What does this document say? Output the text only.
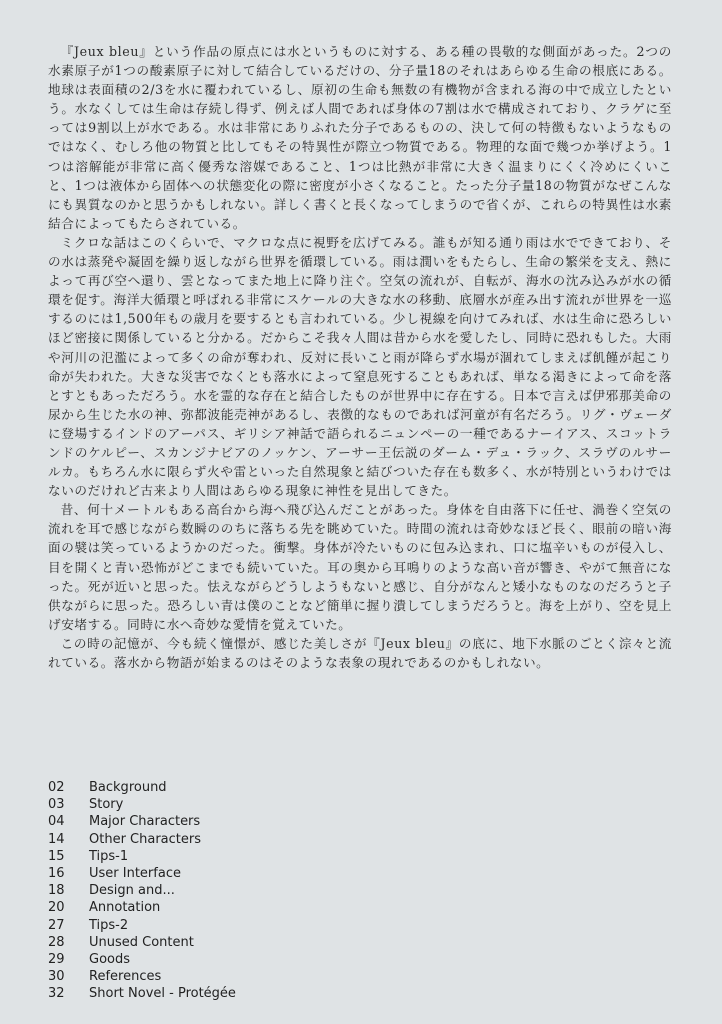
『Jeux bleu』という作品の原点には水というものに対する、ある種の畏敬的な側面があった。2つの水素原子が1つの酸素原子に対して結合しているだけの、分子量18のそれはあらゆる生命の根底にある。地球は表面積の2/3を水に覆われているし、原初の生命も無数の有機物が含まれる海の中で成立したという。水なくしては生命は存続し得ず、例えば人間であれば身体の7割は水で構成されており、クラゲに至っては9割以上が水である。水は非常にありふれた分子であるものの、決して何の特徴もないようなものではなく、むしろ他の物質と比してもその特異性が際立つ物質である。物理的な面で幾つか挙げよう。1つは溶解能が非常に高く優秀な溶媒であること、1つは比熱が非常に大きく温まりにくく冷めにくいこと、1つは液体から固体への状態変化の際に密度が小さくなること。たった分子量18の物質がなぜこんなにも異質なのかと思うかもしれない。詳しく書くと長くなってしまうので省くが、これらの特異性は水素結合によってもたらされている。

ミクロな話はこのくらいで、マクロな点に視野を広げてみる。誰もが知る通り雨は水でできており、その水は蒸発や凝固を繰り返しながら世界を循環している。雨は潤いをもたらし、生命の繁栄を支え、熱によって再び空へ還り、雲となってまた地上に降り注ぐ。空気の流れが、自転が、海水の沈み込みが水の循環を促す。海洋大循環と呼ばれる非常にスケールの大きな水の移動、底層水が産み出す流れが世界を一巡するのには1,500年もの歳月を要するとも言われている。少し視線を向けてみれば、水は生命に恐ろしいほど密接に関係していると分かる。だからこそ我々人間は昔から水を愛したし、同時に恐れもした。大雨や河川の氾濫によって多くの命が奪われ、反対に長いこと雨が降らず水場が涸れてしまえば飢饉が起こり命が失われた。大きな災害でなくとも落水によって窒息死することもあれば、単なる渇きによって命を落とすともあっただろう。水を霊的な存在と結合したものが世界中に存在する。日本で言えば伊邪那美命の尿から生じた水の神、弥都波能売神があるし、表徴的なものであれば河童が有名だろう。リグ・ヴェーダに登場するインドのアーパス、ギリシア神話で語られるニュンペーの一種であるナーイアス、スコットランドのケルピー、スカンジナビアのノッケン、アーサー王伝説のダーム・デュ・ラック、スラヴのルサールカ。もちろん水に限らず火や雷といった自然現象と結びついた存在も数多く、水が特別というわけではないのだけれど古来より人間はあらゆる現象に神性を見出してきた。

昔、何十メートルもある高台から海へ飛び込んだことがあった。身体を自由落下に任せ、渦巻く空気の流れを耳で感じながら数瞬ののちに落ちる先を眺めていた。時間の流れは奇妙なほど長く、眼前の暗い海面の襞は笑っているようかのだった。衝撃。身体が冷たいものに包み込まれ、口に塩辛いものが侵入し、目を開くと青い恐怖がどこまでも続いていた。耳の奥から耳鳴りのような高い音が響き、やがて無音になった。死が近いと思った。怯えながらどうしようもないと感じ、自分がなんと矮小なものなのだろうと子供ながらに思った。恐ろしい青は僕のことなど簡単に握り潰してしまうだろうと。海を上がり、空を見上げ安堵する。同時に水へ奇妙な愛情を覚えていた。

この時の記憶が、今も続く憧憬が、感じた美しさが『Jeux bleu』の底に、地下水脈のごとく淙々と流れている。落水から物語が始まるのはそのような表象の現れであるのかもしれない。

02	Background
03	Story
04	Major Characters
14	Other Characters
15	Tips-1
16	User Interface
18	Design and...
20	Annotation
27	Tips-2
28	Unused Content
29	Goods
30	References
32	Short Novel - Protégée
